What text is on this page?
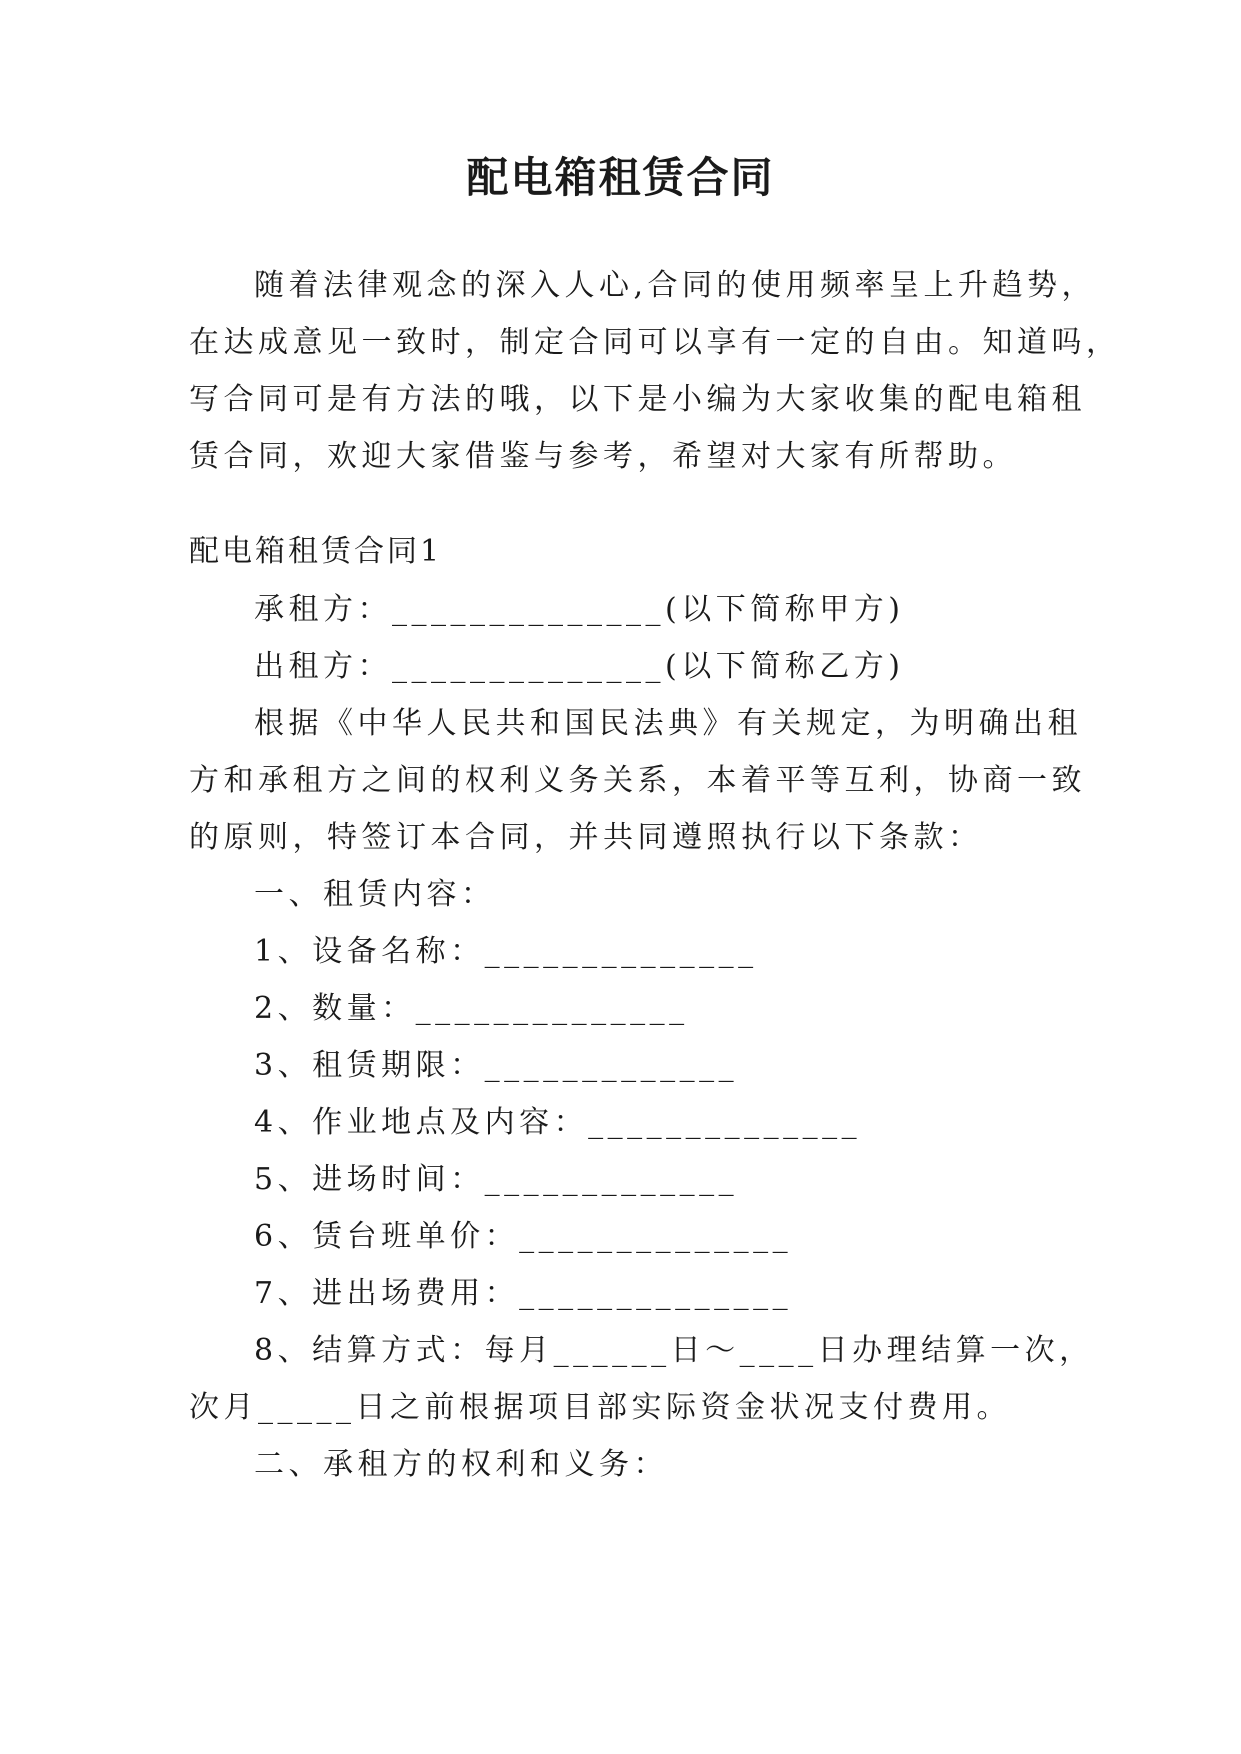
配电箱租赁合同
随着法律观念的深入人心,合同的使用频率呈上升趋势，
在达成意见一致时，制定合同可以享有一定的自由。知道吗，
写合同可是有方法的哦，以下是小编为大家收集的配电箱租
赁合同，欢迎大家借鉴与参考，希望对大家有所帮助。
配电箱租赁合同1
承租方：______________(以下简称甲方)
出租方：______________(以下简称乙方)
根据《中华人民共和国民法典》有关规定，为明确出租
方和承租方之间的权利义务关系，本着平等互利，协商一致
的原则，特签订本合同，并共同遵照执行以下条款：
一、租赁内容：
1、设备名称：______________
2、数量：______________
3、租赁期限：_____________
4、作业地点及内容：______________
5、进场时间：_____________
6、赁台班单价：______________
7、进出场费用：______________
8、结算方式：每月______日～____日办理结算一次，
次月_____日之前根据项目部实际资金状况支付费用。
二、承租方的权利和义务：
